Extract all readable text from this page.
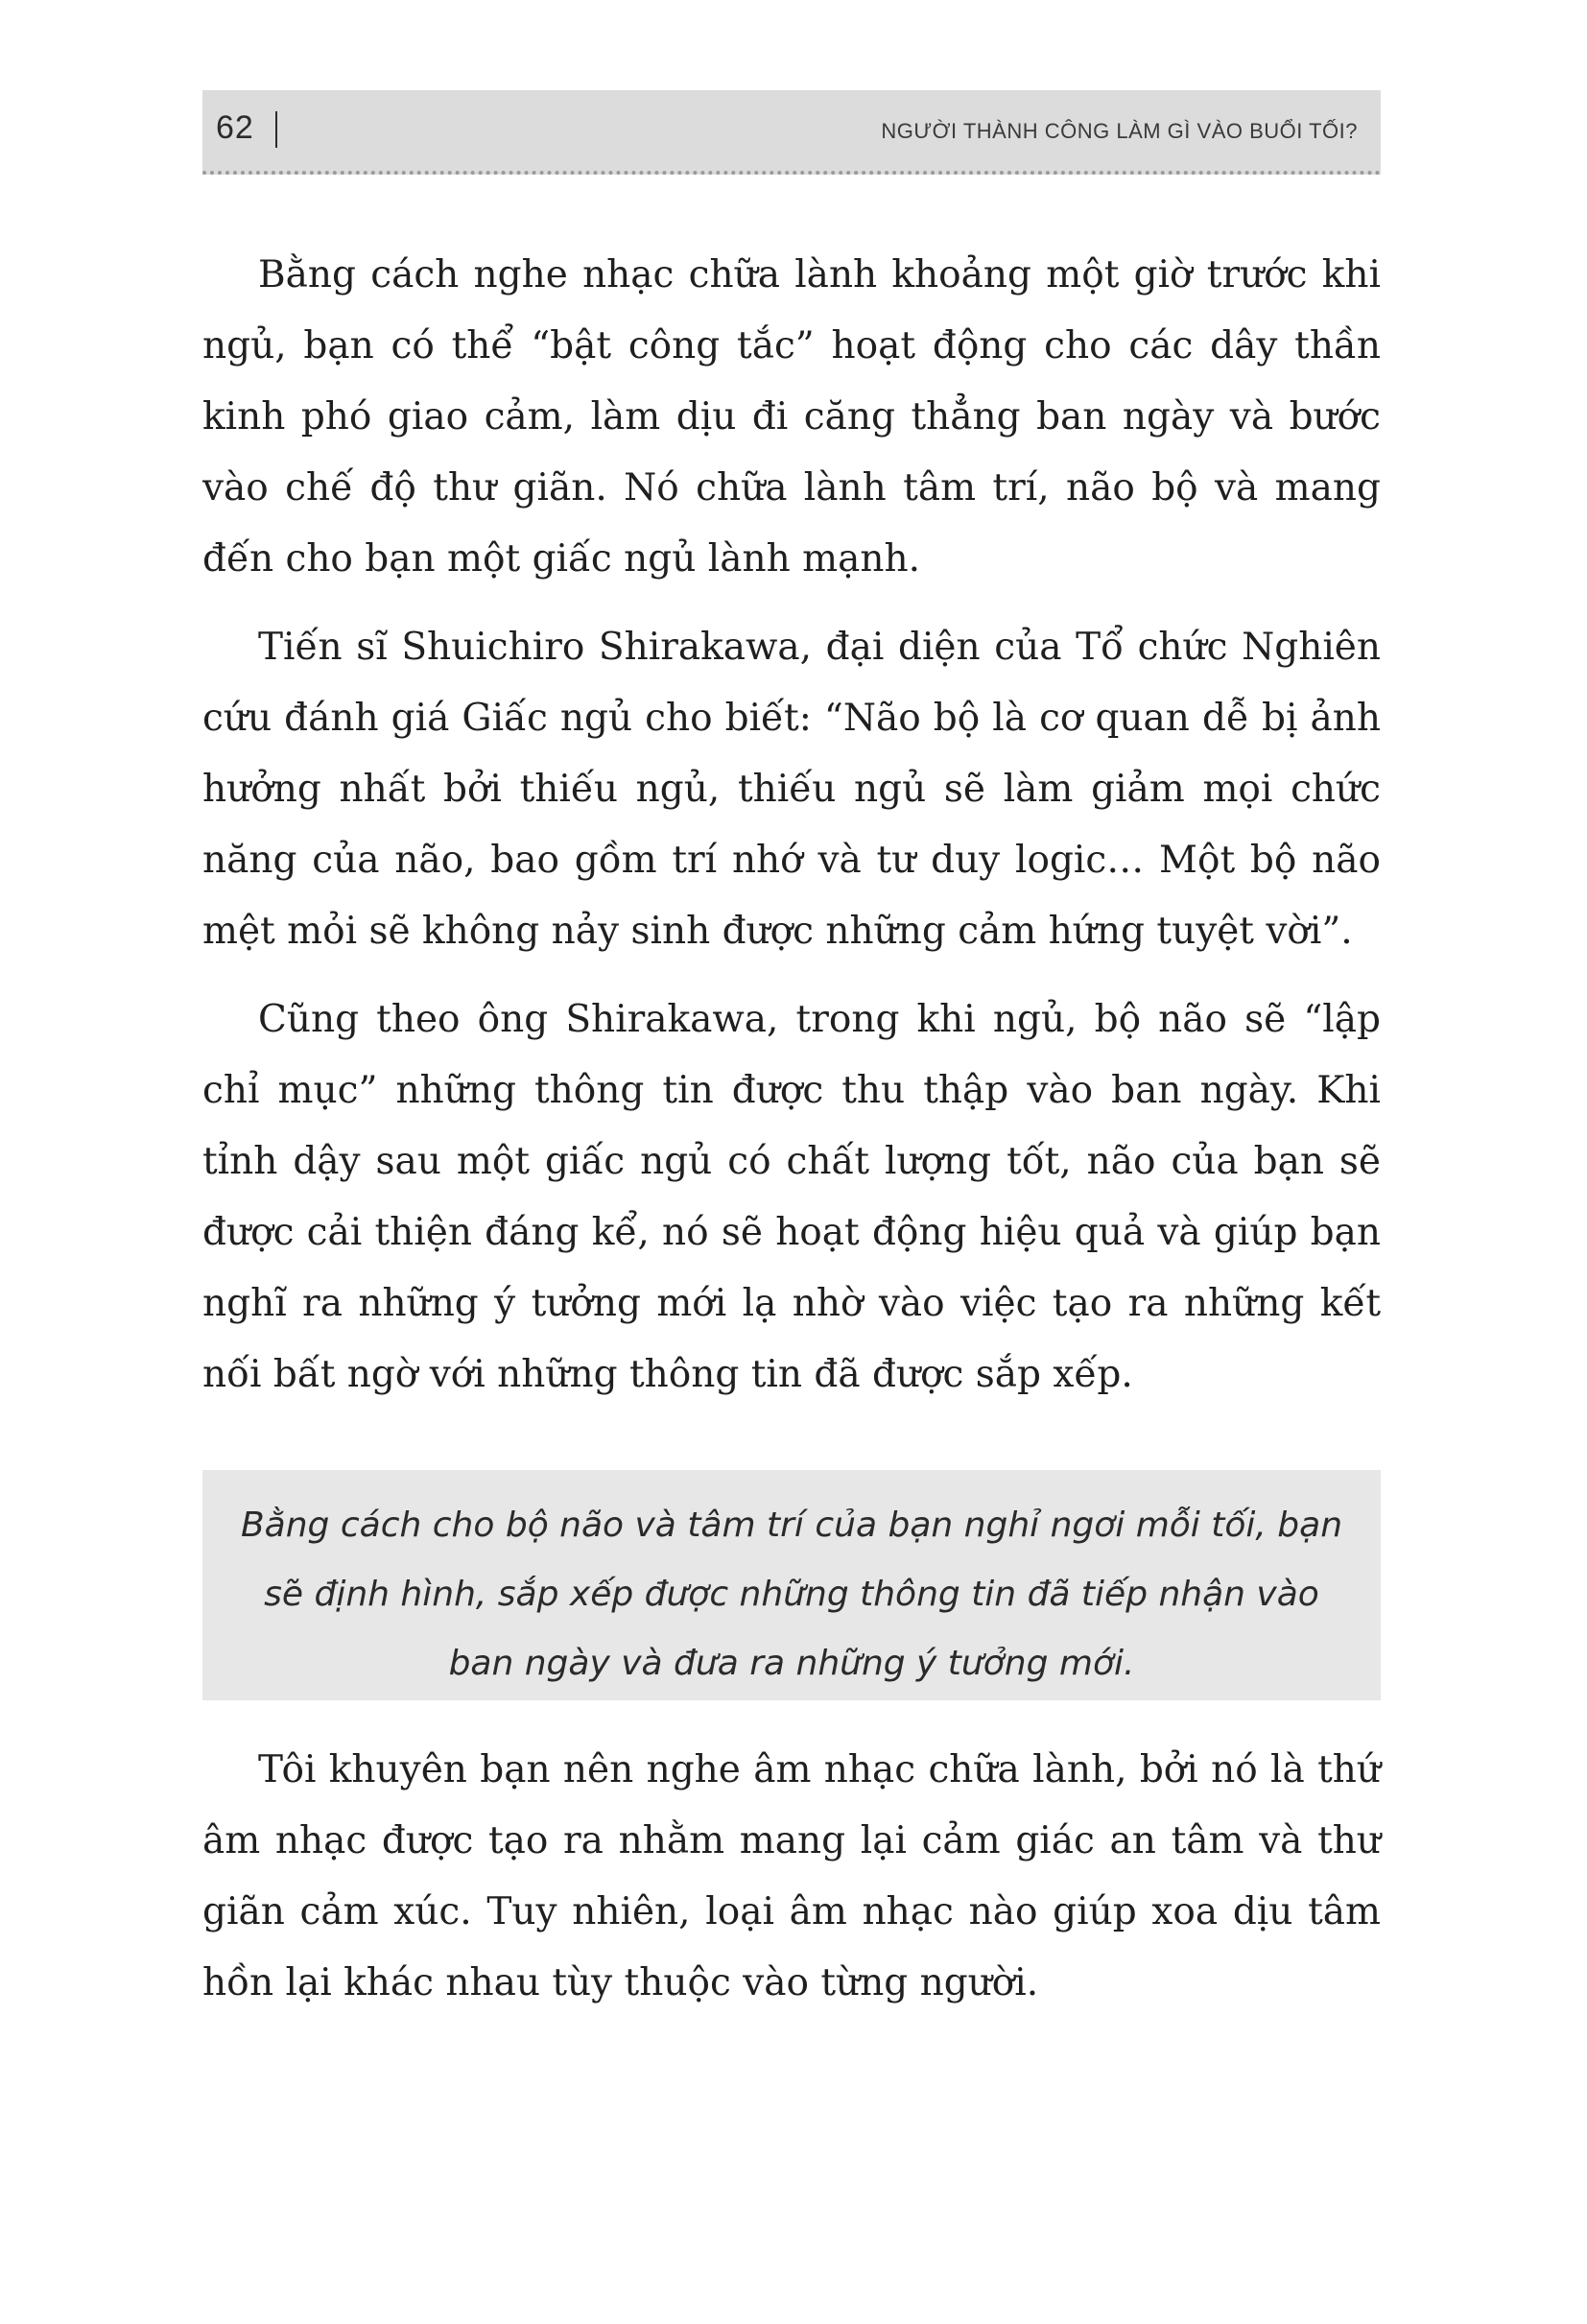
62	NGƯỜI THÀNH CÔNG LÀM GÌ VÀO BUỔI TỐI?

Bằng cách nghe nhạc chữa lành khoảng một giờ trước khi ngủ, bạn có thể “bật công tắc” hoạt động cho các dây thần kinh phó giao cảm, làm dịu đi căng thẳng ban ngày và bước vào chế độ thư giãn. Nó chữa lành tâm trí, não bộ và mang đến cho bạn một giấc ngủ lành mạnh.

Tiến sĩ Shuichiro Shirakawa, đại diện của Tổ chức Nghiên cứu đánh giá Giấc ngủ cho biết: “Não bộ là cơ quan dễ bị ảnh hưởng nhất bởi thiếu ngủ, thiếu ngủ sẽ làm giảm mọi chức năng của não, bao gồm trí nhớ và tư duy logic… Một bộ não mệt mỏi sẽ không nảy sinh được những cảm hứng tuyệt vời”.

Cũng theo ông Shirakawa, trong khi ngủ, bộ não sẽ “lập chỉ mục” những thông tin được thu thập vào ban ngày. Khi tỉnh dậy sau một giấc ngủ có chất lượng tốt, não của bạn sẽ được cải thiện đáng kể, nó sẽ hoạt động hiệu quả và giúp bạn nghĩ ra những ý tưởng mới lạ nhờ vào việc tạo ra những kết nối bất ngờ với những thông tin đã được sắp xếp.

Bằng cách cho bộ não và tâm trí của bạn nghỉ ngơi mỗi tối, bạn sẽ định hình, sắp xếp được những thông tin đã tiếp nhận vào ban ngày và đưa ra những ý tưởng mới.

Tôi khuyên bạn nên nghe âm nhạc chữa lành, bởi nó là thứ âm nhạc được tạo ra nhằm mang lại cảm giác an tâm và thư giãn cảm xúc. Tuy nhiên, loại âm nhạc nào giúp xoa dịu tâm hồn lại khác nhau tùy thuộc vào từng người.
